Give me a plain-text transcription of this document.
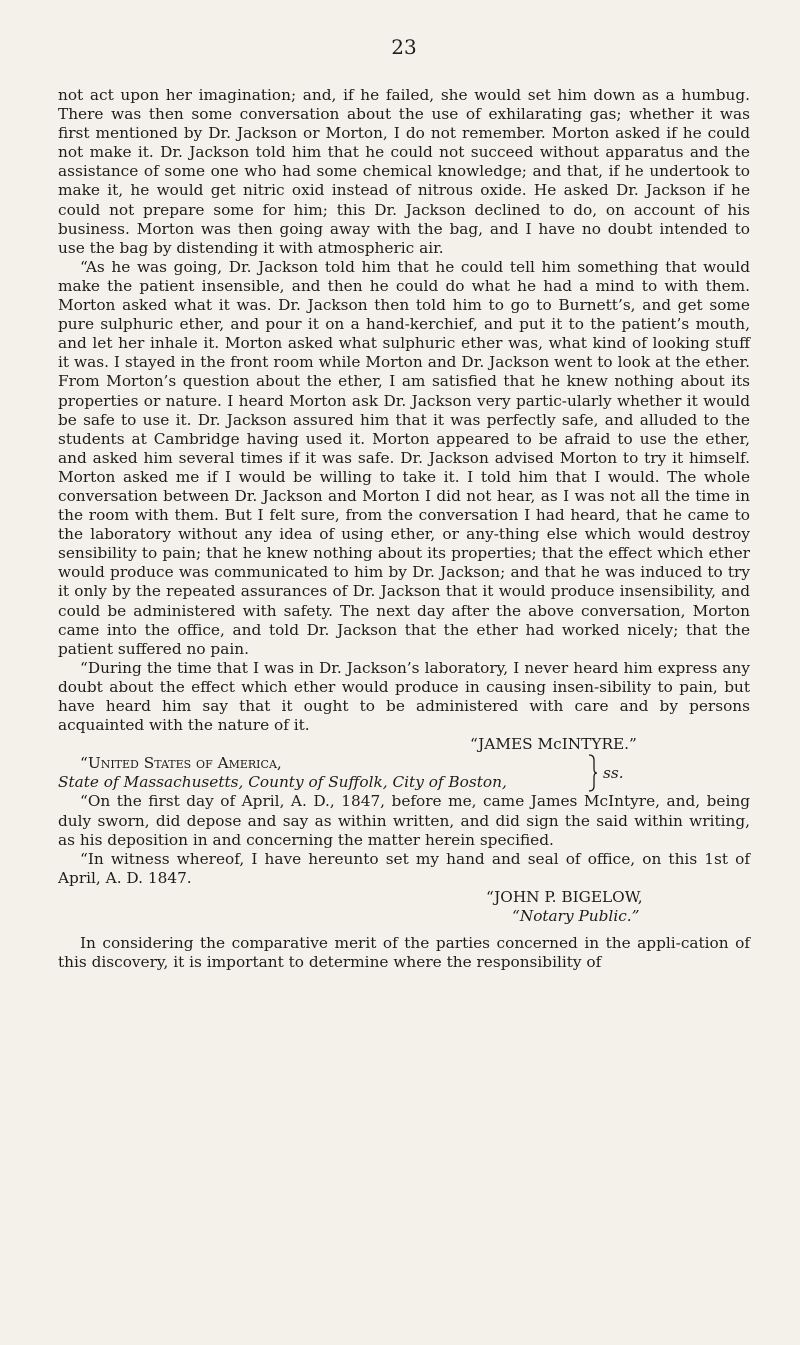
23

not act upon her imagination; and, if he failed, she would set him down as a humbug. There was then some conversation about the use of exhilarating gas; whether it was first mentioned by Dr. Jackson or Morton, I do not remember. Morton asked if he could not make it. Dr. Jackson told him that he could not succeed without apparatus and the assistance of some one who had some chemical knowledge; and that, if he undertook to make it, he would get nitric oxid instead of nitrous oxide. He asked Dr. Jackson if he could not prepare some for him; this Dr. Jackson declined to do, on account of his business. Morton was then going away with the bag, and I have no doubt intended to use the bag by distending it with atmospheric air.

“As he was going, Dr. Jackson told him that he could tell him something that would make the patient insensible, and then he could do what he had a mind to with them. Morton asked what it was. Dr. Jackson then told him to go to Burnett’s, and get some pure sulphuric ether, and pour it on a hand-kerchief, and put it to the patient’s mouth, and let her inhale it. Morton asked what sulphuric ether was, what kind of looking stuff it was. I stayed in the front room while Morton and Dr. Jackson went to look at the ether. From Morton’s question about the ether, I am satisfied that he knew nothing about its properties or nature. I heard Morton ask Dr. Jackson very partic-ularly whether it would be safe to use it. Dr. Jackson assured him that it was perfectly safe, and alluded to the students at Cambridge having used it. Morton appeared to be afraid to use the ether, and asked him several times if it was safe. Dr. Jackson advised Morton to try it himself. Morton asked me if I would be willing to take it. I told him that I would. The whole conversation between Dr. Jackson and Morton I did not hear, as I was not all the time in the room with them. But I felt sure, from the conversation I had heard, that he came to the laboratory without any idea of using ether, or any-thing else which would destroy sensibility to pain; that he knew nothing about its properties; that the effect which ether would produce was communicated to him by Dr. Jackson; and that he was induced to try it only by the repeated assurances of Dr. Jackson that it would produce insensibility, and could be administered with safety. The next day after the above conversation, Morton came into the office, and told Dr. Jackson that the ether had worked nicely; that the patient suffered no pain.

“During the time that I was in Dr. Jackson’s laboratory, I never heard him express any doubt about the effect which ether would produce in causing insen-sibility to pain, but have heard him say that it ought to be administered with care and by persons acquainted with the nature of it.

“JAMES McINTYRE.”
“United States of America,
State of Massachusetts, County of Suffolk, City of Boston,
ss.

“On the first day of April, A. D., 1847, before me, came James McIntyre, and, being duly sworn, did depose and say as within written, and did sign the said within writing, as his deposition in and concerning the matter herein specified.

“In witness whereof, I have hereunto set my hand and seal of office, on this 1st of April, A. D. 1847.

“JOHN P. BIGELOW,
“Notary Public.”

In considering the comparative merit of the parties concerned in the appli-cation of this discovery, it is important to determine where the responsibility of
